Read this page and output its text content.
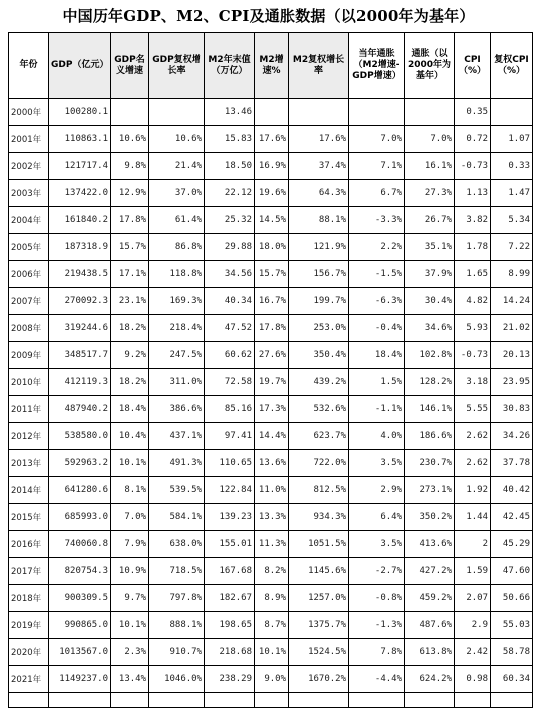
中国历年GDP、M2、CPI及通胀数据（以2000年为基年）
年份	GDP（亿元）	GDP名义增速	GDP复权增长率	M2年末值（万亿）	M2增速%	M2复权增长率	当年通胀（M2增速-GDP增速）	通胀（以2000年为基年）	CPI（%）	复权CPI（%）
2000年	100280.1			13.46					0.35	
2001年	110863.1	10.6%	10.6%	15.83	17.6%	17.6%	7.0%	7.0%	0.72	1.07
2002年	121717.4	9.8%	21.4%	18.50	16.9%	37.4%	7.1%	16.1%	-0.73	0.33
2003年	137422.0	12.9%	37.0%	22.12	19.6%	64.3%	6.7%	27.3%	1.13	1.47
2004年	161840.2	17.8%	61.4%	25.32	14.5%	88.1%	-3.3%	26.7%	3.82	5.34
2005年	187318.9	15.7%	86.8%	29.88	18.0%	121.9%	2.2%	35.1%	1.78	7.22
2006年	219438.5	17.1%	118.8%	34.56	15.7%	156.7%	-1.5%	37.9%	1.65	8.99
2007年	270092.3	23.1%	169.3%	40.34	16.7%	199.7%	-6.3%	30.4%	4.82	14.24
2008年	319244.6	18.2%	218.4%	47.52	17.8%	253.0%	-0.4%	34.6%	5.93	21.02
2009年	348517.7	9.2%	247.5%	60.62	27.6%	350.4%	18.4%	102.8%	-0.73	20.13
2010年	412119.3	18.2%	311.0%	72.58	19.7%	439.2%	1.5%	128.2%	3.18	23.95
2011年	487940.2	18.4%	386.6%	85.16	17.3%	532.6%	-1.1%	146.1%	5.55	30.83
2012年	538580.0	10.4%	437.1%	97.41	14.4%	623.7%	4.0%	186.6%	2.62	34.26
2013年	592963.2	10.1%	491.3%	110.65	13.6%	722.0%	3.5%	230.7%	2.62	37.78
2014年	641280.6	8.1%	539.5%	122.84	11.0%	812.5%	2.9%	273.1%	1.92	40.42
2015年	685993.0	7.0%	584.1%	139.23	13.3%	934.3%	6.4%	350.2%	1.44	42.45
2016年	740060.8	7.9%	638.0%	155.01	11.3%	1051.5%	3.5%	413.6%	2	45.29
2017年	820754.3	10.9%	718.5%	167.68	8.2%	1145.6%	-2.7%	427.2%	1.59	47.60
2018年	900309.5	9.7%	797.8%	182.67	8.9%	1257.0%	-0.8%	459.2%	2.07	50.66
2019年	990865.0	10.1%	888.1%	198.65	8.7%	1375.7%	-1.3%	487.6%	2.9	55.03
2020年	1013567.0	2.3%	910.7%	218.68	10.1%	1524.5%	7.8%	613.8%	2.42	58.78
2021年	1149237.0	13.4%	1046.0%	238.29	9.0%	1670.2%	-4.4%	624.2%	0.98	60.34
